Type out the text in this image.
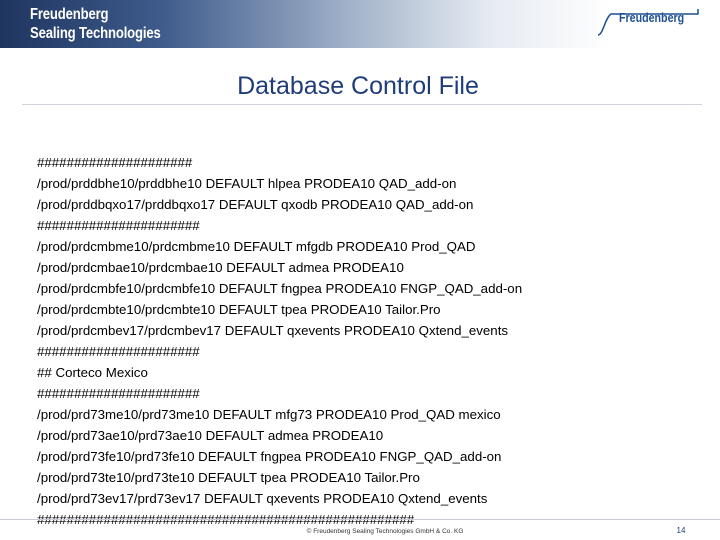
Freudenberg
Sealing Technologies
Freudenberg
Database Control File
#####################
/prod/prddbhe10/prddbhe10 DEFAULT hlpea PRODEA10 QAD_add-on
/prod/prddbqxo17/prddbqxo17 DEFAULT qxodb PRODEA10 QAD_add-on
######################
/prod/prdcmbme10/prdcmbme10 DEFAULT mfgdb PRODEA10 Prod_QAD
/prod/prdcmbae10/prdcmbae10 DEFAULT admea PRODEA10
/prod/prdcmbfe10/prdcmbfe10 DEFAULT fngpea PRODEA10 FNGP_QAD_add-on
/prod/prdcmbte10/prdcmbte10 DEFAULT tpea PRODEA10 Tailor.Pro
/prod/prdcmbev17/prdcmbev17 DEFAULT qxevents PRODEA10 Qxtend_events
######################
## Corteco Mexico
######################
/prod/prd73me10/prd73me10 DEFAULT mfg73 PRODEA10 Prod_QAD mexico
/prod/prd73ae10/prd73ae10 DEFAULT admea PRODEA10
/prod/prd73fe10/prd73fe10 DEFAULT fngpea PRODEA10 FNGP_QAD_add-on
/prod/prd73te10/prd73te10 DEFAULT tpea PRODEA10 Tailor.Pro
/prod/prd73ev17/prd73ev17 DEFAULT qxevents PRODEA10 Qxtend_events
###################################################
© Freudenberg Sealing Technologies GmbH & Co. KG	14
